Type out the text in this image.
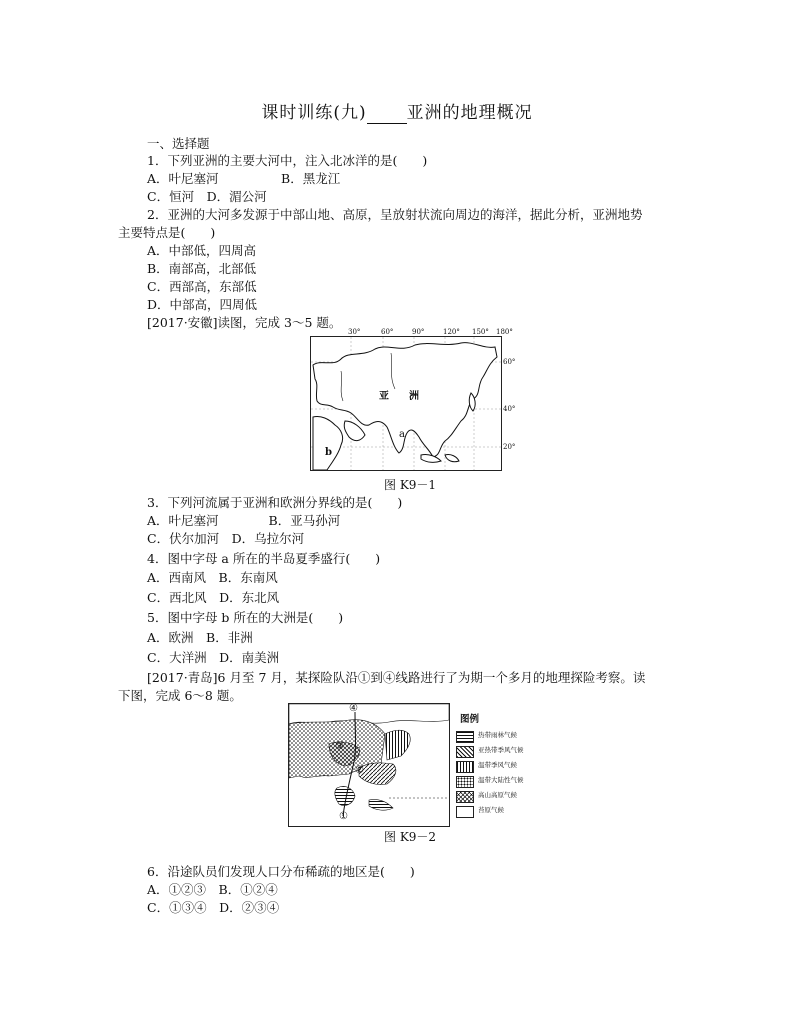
课时训练(九)　　 亚洲的地理概况
一、选择题
1．下列亚洲的主要大河中，注入北冰洋的是(　　)
A．叶尼塞河　　　　　B．黑龙江
C．恒河　D．湄公河
2．亚洲的大河多发源于中部山地、高原，呈放射状流向周边的海洋，据此分析，亚洲地势
主要特点是(　　)
A．中部低，四周高
B．南部高，北部低
C．西部高，东部低
D．中部高，四周低
[2017·安徽]读图，完成 3～5 题。
30°	60°	90°	120° 150° 180°
亚　　洲
a
b
60°
40°
20°
图 K9－1
3．下列河流属于亚洲和欧洲分界线的是(　　)
A．叶尼塞河　　　　B．亚马孙河
C．伏尔加河　D．乌拉尔河
4．图中字母 a 所在的半岛夏季盛行(　　)
A．西南风　B．东南风
C．西北风　D．东北风
5．图中字母 b 所在的大洲是(　　)
A．欧洲　B．非洲
C．大洋洲　D．南美洲
[2017·青岛]6 月至 7 月，某探险队沿①到④线路进行了为期一个多月的地理探险考察。读
下图，完成 6～8 题。
④
③
②
①
图例
热带雨林气候
亚热带季风气候
温带季风气候
温带大陆性气候
高山高原气候
苔原气候
图 K9－2
6．沿途队员们发现人口分布稀疏的地区是(　　)
A．①②③　B．①②④
C．①③④　D．②③④
